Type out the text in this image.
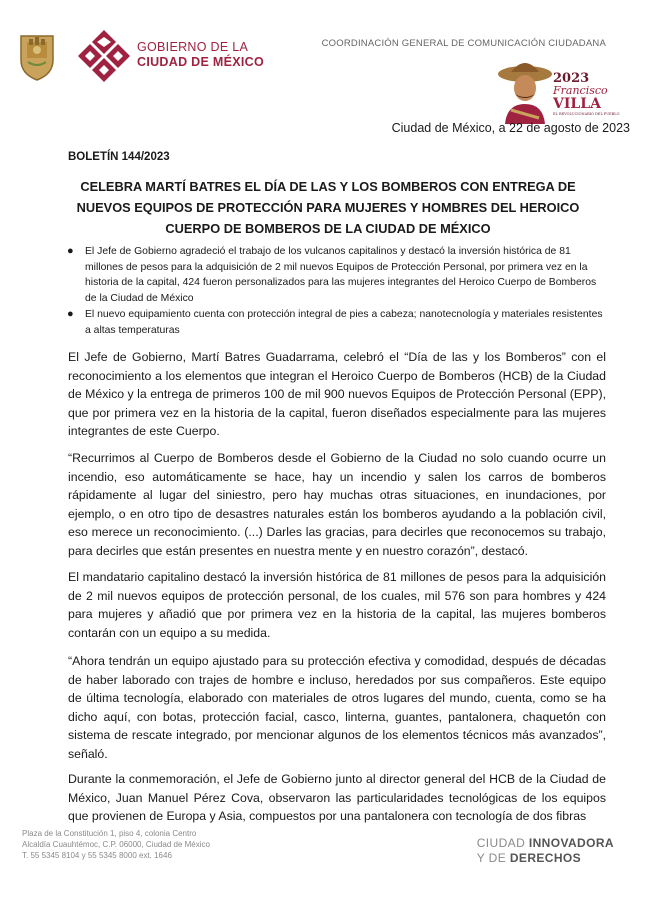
GOBIERNO DE LA
CIUDAD DE MÉXICO
COORDINACIÓN GENERAL DE COMUNICACIÓN CIUDADANA
2023
Francisco
VILLA
EL REVOLUCIONARIO DEL PUEBLO
Ciudad de México, a 22 de agosto de 2023
BOLETÍN 144/2023
CELEBRA MARTÍ BATRES EL DÍA DE LAS Y LOS BOMBEROS CON ENTREGA DE NUEVOS EQUIPOS DE PROTECCIÓN PARA MUJERES Y HOMBRES DEL HEROICO CUERPO DE BOMBEROS DE LA CIUDAD DE MÉXICO
● El Jefe de Gobierno agradeció el trabajo de los vulcanos capitalinos y destacó la inversión histórica de 81 millones de pesos para la adquisición de 2 mil nuevos Equipos de Protección Personal, por primera vez en la historia de la capital, 424 fueron personalizados para las mujeres integrantes del Heroico Cuerpo de Bomberos de la Ciudad de México
● El nuevo equipamiento cuenta con protección integral de pies a cabeza; nanotecnología y materiales resistentes a altas temperaturas

El Jefe de Gobierno, Martí Batres Guadarrama, celebró el “Día de las y los Bomberos” con el reconocimiento a los elementos que integran el Heroico Cuerpo de Bomberos (HCB) de la Ciudad de México y la entrega de primeros 100 de mil 900 nuevos Equipos de Protección Personal (EPP), que por primera vez en la historia de la capital, fueron diseñados especialmente para las mujeres integrantes de este Cuerpo.

“Recurrimos al Cuerpo de Bomberos desde el Gobierno de la Ciudad no solo cuando ocurre un incendio, eso automáticamente se hace, hay un incendio y salen los carros de bomberos rápidamente al lugar del siniestro, pero hay muchas otras situaciones, en inundaciones, por ejemplo, o en otro tipo de desastres naturales están los bomberos ayudando a la población civil, eso merece un reconocimiento. (...) Darles las gracias, para decirles que reconocemos su trabajo, para decirles que están presentes en nuestra mente y en nuestro corazón”, destacó.

El mandatario capitalino destacó la inversión histórica de 81 millones de pesos para la adquisición de 2 mil nuevos equipos de protección personal, de los cuales, mil 576 son para hombres y 424 para mujeres y añadió que por primera vez en la historia de la capital, las mujeres bomberos contarán con un equipo a su medida.

“Ahora tendrán un equipo ajustado para su protección efectiva y comodidad, después de décadas de haber laborado con trajes de hombre e incluso, heredados por sus compañeros. Este equipo de última tecnología, elaborado con materiales de otros lugares del mundo, cuenta, como se ha dicho aquí, con botas, protección facial, casco, linterna, guantes, pantalonera, chaquetón con sistema de rescate integrado, por mencionar algunos de los elementos técnicos más avanzados”, señaló.

Durante la conmemoración, el Jefe de Gobierno junto al director general del HCB de la Ciudad de México, Juan Manuel Pérez Cova, observaron las particularidades tecnológicas de los equipos que provienen de Europa y Asia, compuestos por una pantalonera con tecnología de dos fibras

Plaza de la Constitución 1, piso 4, colonia Centro
Alcaldía Cuauhtémoc, C.P. 06000, Ciudad de México
T. 55 5345 8104 y 55 5345 8000 ext. 1646
CIUDAD INNOVADORA
Y DE DERECHOS
